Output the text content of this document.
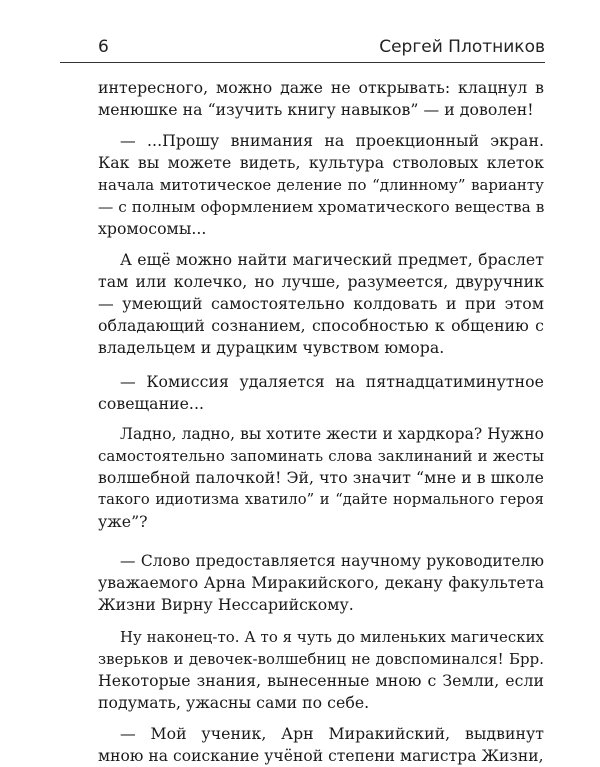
6	Сергей Плотников

интересного, можно даже не открывать: клацнул в
менюшке на “изучить книгу навыков” — и доволен!

— ...Прошу внимания на проекционный экран.
Как вы можете видеть, культура стволовых клеток
начала митотическое деление по “длинному” варианту
— с полным оформлением хроматического вещества в
хромосомы...

А ещё можно найти магический предмет, браслет
там или колечко, но лучше, разумеется, двуручник
— умеющий самостоятельно колдовать и при этом
обладающий сознанием, способностью к общению с
владельцем и дурацким чувством юмора.

— Комиссия удаляется на пятнадцатиминутное
совещание...

Ладно, ладно, вы хотите жести и хардкора? Нужно
самостоятельно запоминать слова заклинаний и жесты
волшебной палочкой! Эй, что значит “мне и в школе
такого идиотизма хватило” и “дайте нормального героя
уже”?

— Слово предоставляется научному руководителю
уважаемого Арна Миракийского, декану факультета
Жизни Вирну Нессарийскому.

Ну наконец-то. А то я чуть до миленьких магических
зверьков и девочек-волшебниц не довспоминался! Брр.
Некоторые знания, вынесенные мною с Земли, если
подумать, ужасны сами по себе.

— Мой ученик, Арн Миракийский, выдвинут
мною на соискание учёной степени магистра Жизни,
